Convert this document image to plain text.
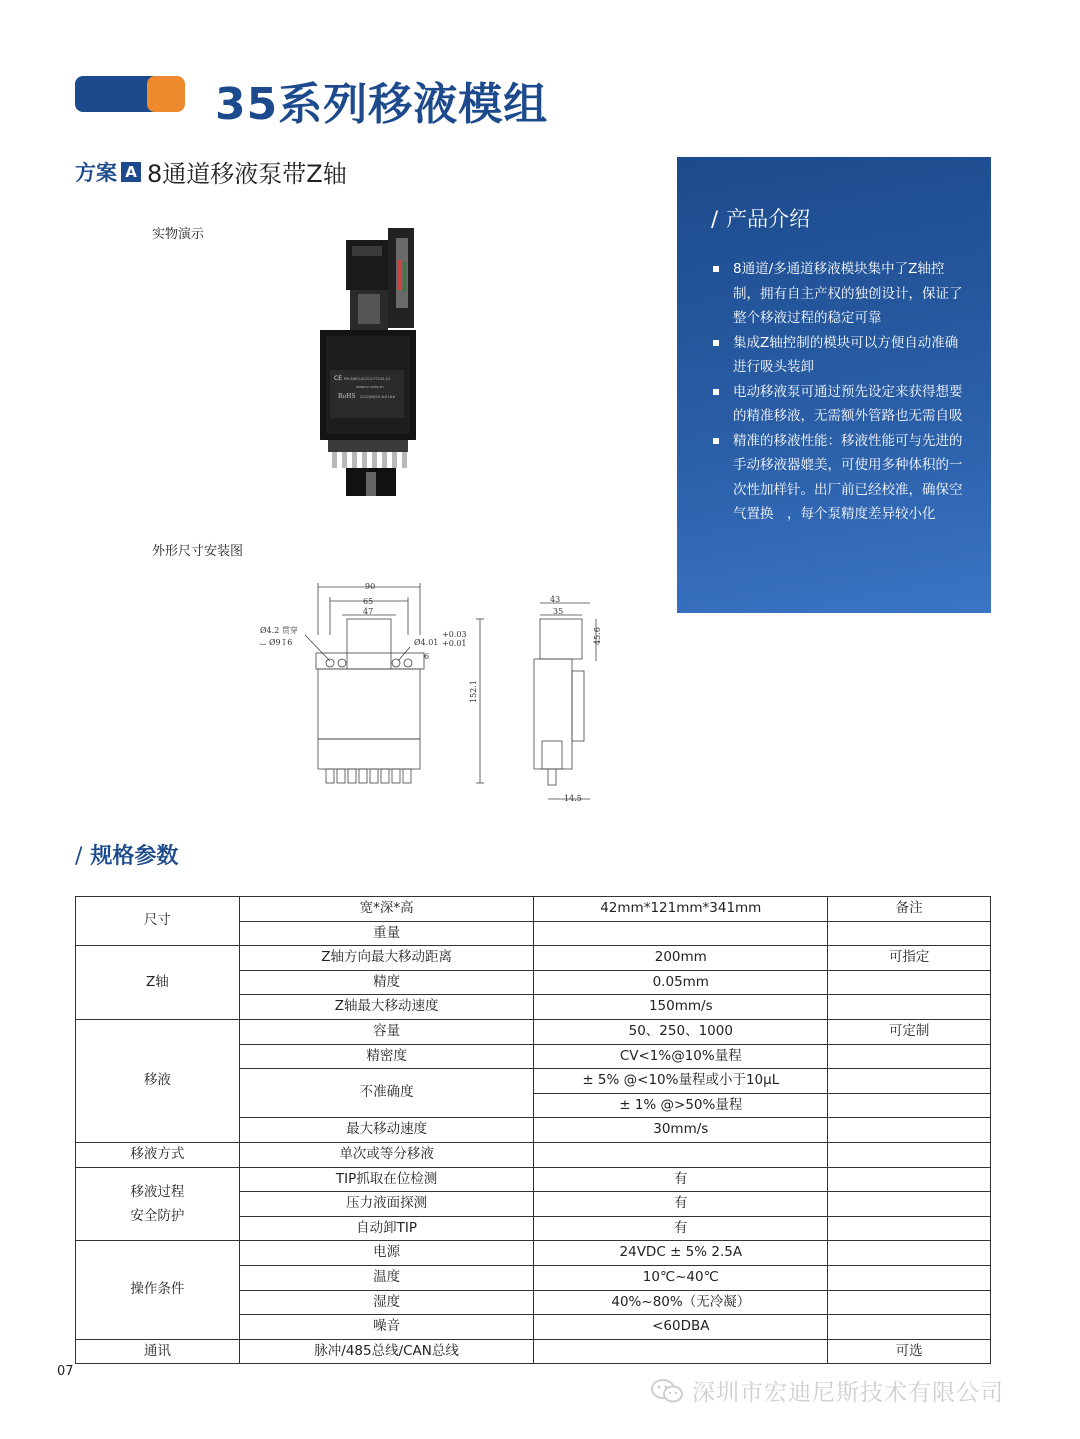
35系列移液模组
方案 A 8通道移液泵带Z轴
实物演示
CE PM-8(60)-A2212-FT220-10
www.cn.sces.cn
RoHS 2022/06/10 ##1##
外形尺寸安装图
/ 产品介绍
8通道/多通道移液模块集中了Z轴控制，拥有自主产权的独创设计，保证了整个移液过程的稳定可靠
集成Z轴控制的模块可以方便自动准确进行吸头装卸
电动移液泵可通过预先设定来获得想要的精准移液，无需额外管路也无需自吸
精准的移液性能：移液性能可与先进的手动移液器媲美，可使用多种体积的一次性加样针。出厂前已经校准，确保空气置换　，每个泵精度差异较小化
90
65
47
Ø4.2 贯穿
⌴ Ø9↧6	Ø4.01
+0.03
+0.01
6
152.1
43
35
45.6
14.5
/ 规格参数
尺寸	宽*深*高	42mm*121mm*341mm	备注
	重量		
Z轴	Z轴方向最大移动距离	200mm	可指定
	精度	0.05mm	
	Z轴最大移动速度	150mm/s	
移液	容量	50、250、1000	可定制
	精密度	CV<1%@10%量程	
	不准确度	± 5% @<10%量程或小于10μL	
		± 1% @>50%量程	
	最大移动速度	30mm/s	
移液方式	单次或等分移液		

移液过程
安全防护	TIP抓取在位检测	有	
	压力液面探测	有	
	自动卸TIP	有	
操作条件	电源	24VDC ± 5% 2.5A	
	温度	10℃~40℃	
	湿度	40%~80%（无冷凝）	
	噪音	<60DBA	
通讯	脉冲/485总线/CAN总线		可选
07
深圳市宏迪尼斯技术有限公司
